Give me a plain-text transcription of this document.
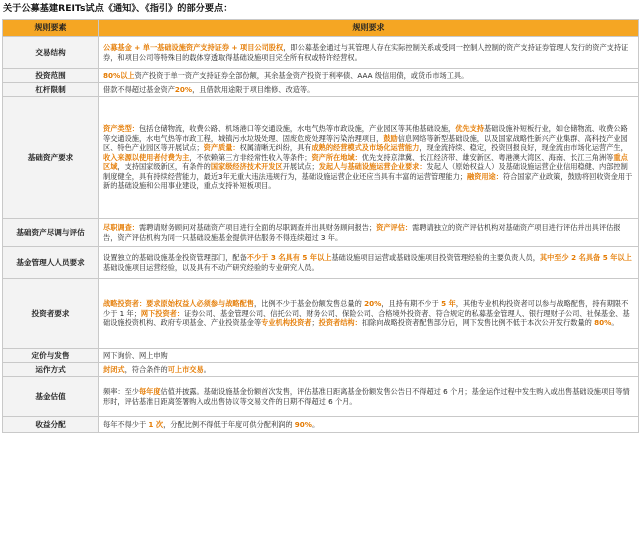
关于公募基建REITs试点《通知》、《指引》的部分要点：
规则要素	规则要求
交易结构	公募基金 + 单一基础设施资产支持证券 + 项目公司股权，即公募基金通过与其管理人存在实际控制关系或受同一控制人控制的资产支持证券管理人发行的资产支持证券，和项目公司等特殊目的载体穿透取得基础设施项目完全所有权或特许经营权。
投资范围	80%以上资产投资于单一资产支持证券全部份额，其余基金资产投资于利率债、AAA 级信用债，或货币市场工具。
杠杆限制	借款不得超过基金资产20%，且借款用途限于项目维修、改造等。
基础资产要求	资产类型：包括仓储物流，收费公路、机场港口等交通设施，水电气热等市政设施，产业园区等其他基础设施，优先支持基础设施补短板行业，如仓储物流、收费公路等交通设施，水电气热等市政工程，城镇污水垃圾处理、固废危废处理等污染治理项目，鼓励信息网络等新型基础设施，以及国家战略性新兴产业集群、高科技产业园区、特色产业园区等开展试点；资产质量：权属清晰无纠纷，具有成熟的经营模式及市场化运营能力，现金流持续、稳定，投资回报良好，现金流由市场化运营产生，收入来源以使用者付费为主，不依赖第三方非经常性收入等条件；资产所在地域：优先支持京津冀、长江经济带、雄安新区、粤港澳大湾区、海南、长江三角洲等重点区域，支持国家级新区，有条件的国家级经济技术开发区开展试点；发起人与基础设施运营企业要求：发起人（原始权益人）及基础设施运营企业信用稳健、内部控制制度健全，具有持续经营能力，最近3年无重大违法违规行为，基础设施运营企业还应当具有丰富的运营管理能力；融资用途：符合国家产业政策，鼓励将回收资金用于新的基础设施和公用事业建设，重点支持补短板项目。
基础资产尽调与评估	尽职调查：需聘请财务顾问对基础资产项目进行全面的尽职调查并出具财务顾问报告；资产评估：需聘请独立的资产评估机构对基础资产项目进行评估并出具评估报告，资产评估机构为同一只基础设施基金提供评估服务不得连续超过 3 年。
基金管理人人员要求	设置独立的基础设施基金投资管理部门，配备不少于 3 名具有 5 年以上基础设施项目运营或基础设施项目投资管理经验的主要负责人员，其中至少 2 名具备 5 年以上基础设施项目运营经验，以及具有不动产研究经验的专业研究人员。
投资者要求	战略投资者：要求原始权益人必须参与战略配售，比例不少于基金份额发售总量的 20%，且持有期不少于 5 年，其他专业机构投资者可以参与战略配售，持有期限不少于 1 年；网下投资者：证券公司、基金管理公司、信托公司、财务公司、保险公司、合格境外投资者、符合规定的私募基金管理人、银行理财子公司、社保基金、基础设施投资机构、政府专项基金、产业投资基金等专业机构投资者；投资者结构：扣除向战略投资者配售部分后，网下发售比例不低于本次公开发行数量的 80%。
定价与发售	网下询价、网上申购
运作方式	封闭式，符合条件的可上市交易。
基金估值	频率：至少每年度估值并披露。基础设施基金份额首次发售，评估基准日距离基金份额发售公告日不得超过 6 个月；基金运作过程中发生购入或出售基础设施项目等情形时，评估基准日距离签署购入或出售协议等交易文件的日期不得超过 6 个月。
收益分配	每年不得少于 1 次，分配比例不得低于年度可供分配利润的 90%。
